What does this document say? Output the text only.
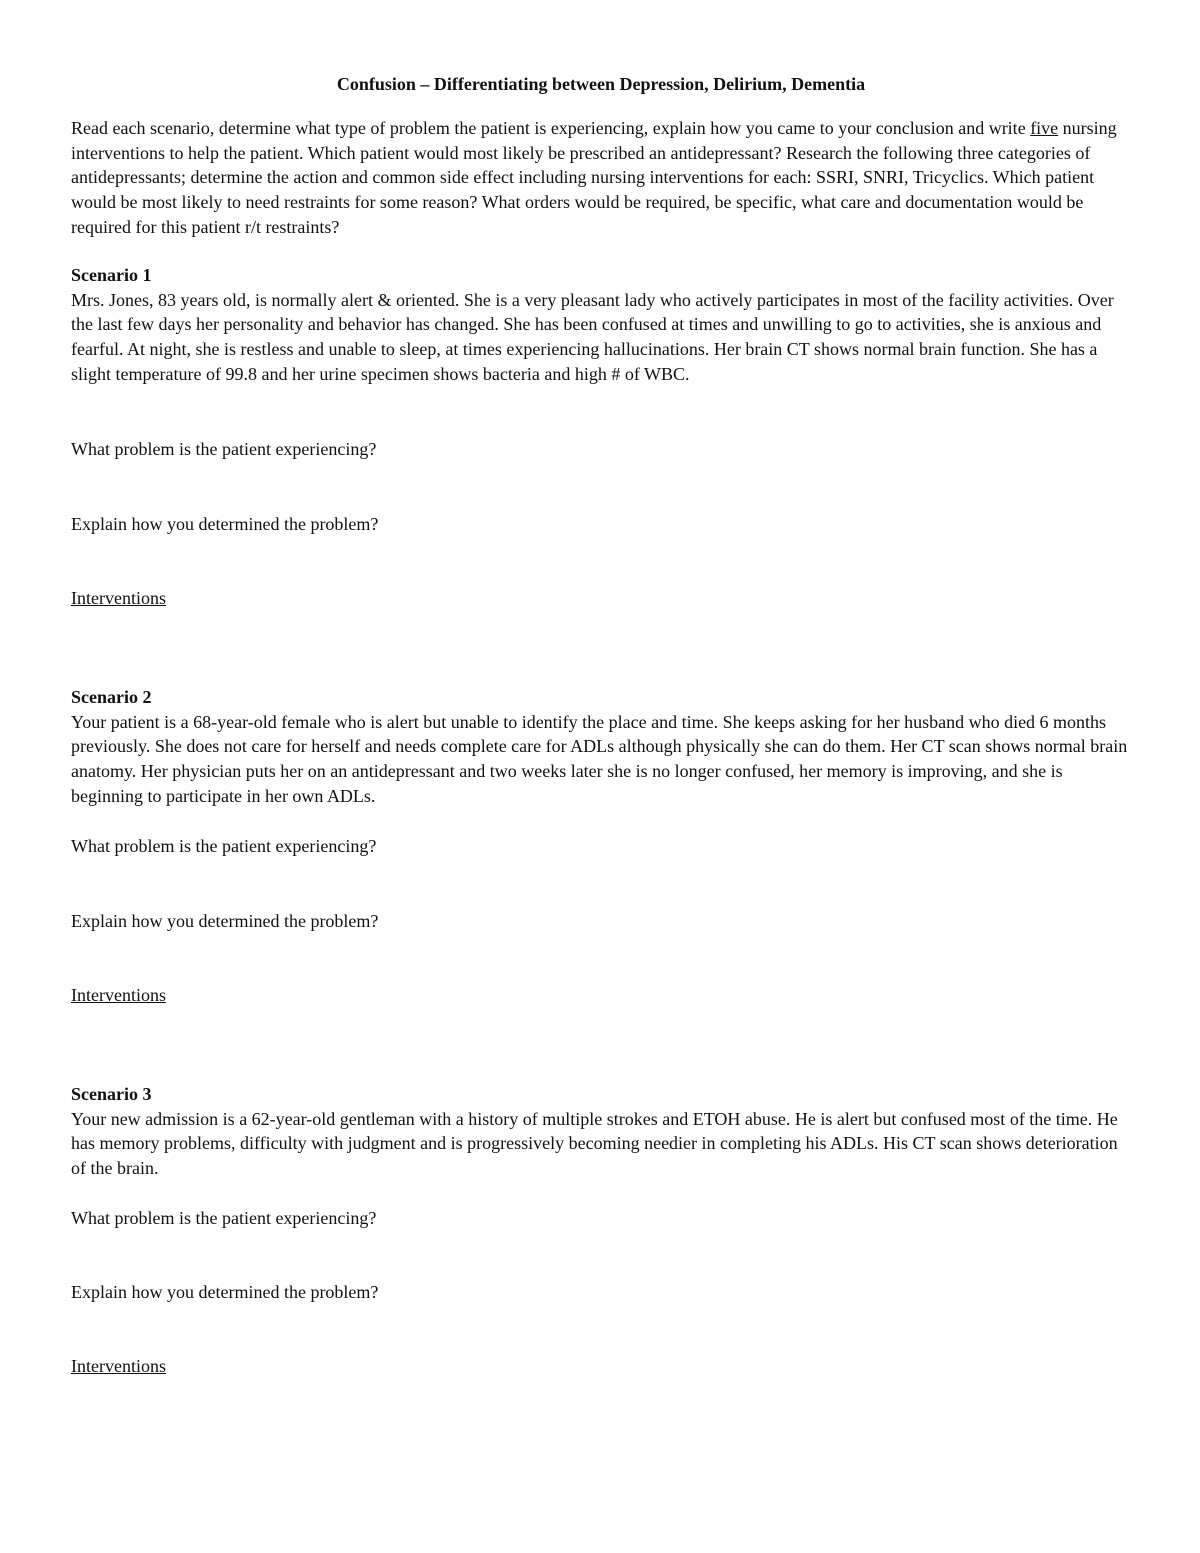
Confusion – Differentiating between Depression, Delirium, Dementia

Read each scenario, determine what type of problem the patient is experiencing, explain how you came to your conclusion and write five nursing interventions to help the patient. Which patient would most likely be prescribed an antidepressant? Research the following three categories of antidepressants; determine the action and common side effect including nursing interventions for each: SSRI, SNRI, Tricyclics. Which patient would be most likely to need restraints for some reason? What orders would be required, be specific, what care and documentation would be required for this patient r/t restraints?

Scenario 1

Mrs. Jones, 83 years old, is normally alert & oriented. She is a very pleasant lady who actively participates in most of the facility activities. Over the last few days her personality and behavior has changed. She has been confused at times and unwilling to go to activities, she is anxious and fearful. At night, she is restless and unable to sleep, at times experiencing hallucinations. Her brain CT shows normal brain function. She has a slight temperature of 99.8 and her urine specimen shows bacteria and high # of WBC.

What problem is the patient experiencing?

Explain how you determined the problem?

Interventions

Scenario 2

Your patient is a 68-year-old female who is alert but unable to identify the place and time. She keeps asking for her husband who died 6 months previously. She does not care for herself and needs complete care for ADLs although physically she can do them. Her CT scan shows normal brain anatomy. Her physician puts her on an antidepressant and two weeks later she is no longer confused, her memory is improving, and she is beginning to participate in her own ADLs.

What problem is the patient experiencing?

Explain how you determined the problem?

Interventions

Scenario 3

Your new admission is a 62-year-old gentleman with a history of multiple strokes and ETOH abuse. He is alert but confused most of the time. He has memory problems, difficulty with judgment and is progressively becoming needier in completing his ADLs. His CT scan shows deterioration of the brain.

What problem is the patient experiencing?

Explain how you determined the problem?

Interventions
